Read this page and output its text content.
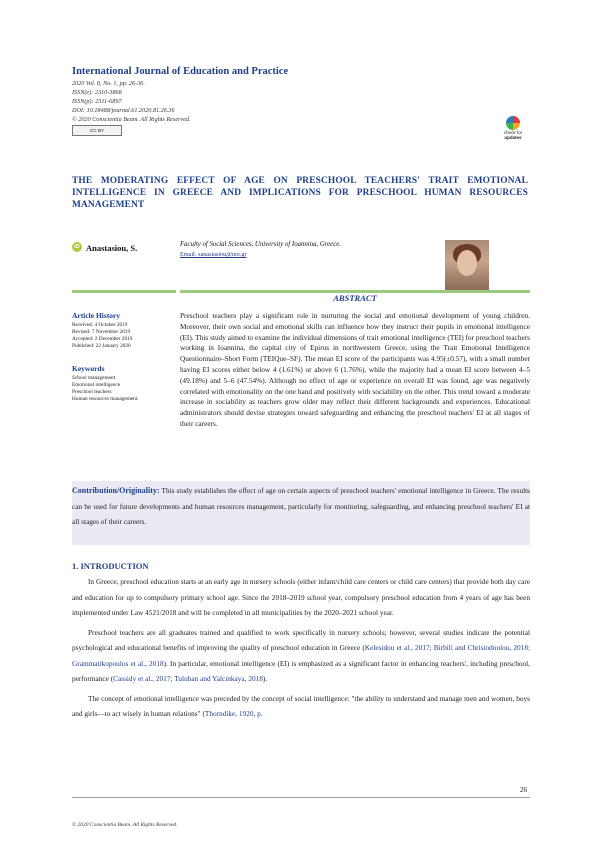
International Journal of Education and Practice
2020 Vol. 8, No. 1, pp. 26-36.
ISSN(e): 2310-3868
ISSN(p): 2311-6897
DOI: 10.18488/journal.61.2020.81.26.36
© 2020 Conscientia Beam. All Rights Reserved.
CC BY	check for
updates
THE MODERATING EFFECT OF AGE ON PRESCHOOL TEACHERS' TRAIT EMOTIONAL INTELLIGENCE IN GREECE AND IMPLICATIONS FOR PRESCHOOL HUMAN RESOURCES MANAGEMENT
iD Anastasiou, S.	Faculty of Social Sciences, University of Ioannina, Greece.
Email: sanastasiou@uoi.gr
ABSTRACT
Article History
Received: 4 October 2019
Revised: 7 November 2019
Accepted: 2 December 2019
Published: 22 January 2020
Keywords
School management
Emotional intelligence
Preschool teachers
Human resources management.
Preschool teachers play a significant role in nurturing the social and emotional development of young children. Moreover, their own social and emotional skills can influence how they instruct their pupils in emotional intelligence (EI). This study aimed to examine the individual dimensions of trait emotional intelligence (TEI) for preschool teachers working in Ioannina, the capital city of Epirus in northwestern Greece, using the Trait Emotional Intelligence Questionnaire–Short Form (TEIQue–SF). The mean EI score of the participants was 4.95(±0.57), with a small number having EI scores either below 4 (1.61%) or above 6 (1.76%), while the majority had a mean EI score between 4–5 (49.18%) and 5–6 (47.54%). Although no effect of age or experience on overall EI was found, age was negatively correlated with emotionality on the one hand and positively with sociability on the other. This trend toward a moderate increase in sociability as teachers grow older may reflect their different backgrounds and experiences. Educational administrators should devise strategies toward safeguarding and enhancing the preschool teachers' EI at all stages of their careers.
Contribution/Originality: This study establishes the effect of age on certain aspects of preschool teachers' emotional intelligence in Greece. The results can be used for future developments and human resources management, particularly for monitoring, safeguarding, and enhancing preschool teachers' EI at all stages of their careers.
1. INTRODUCTION

In Greece, preschool education starts at an early age in nursery schools (either infant/child care centers or child care centers) that provide both day care and education for up to compulsory primary school age. Since the 2018–2019 school year, compulsory preschool education from 4 years of age has been implemented under Law 4521/2018 and will be completed in all municipalities by the 2020–2021 school year.

Preschool teachers are all graduates trained and qualified to work specifically in nursery schools; however, several studies indicate the potential psychological and educational benefits of improving the quality of preschool education in Greece (Kelesidou et al., 2017; Birbili and Christodoulou, 2018; Grammatikopoulos et al., 2018). In particular, emotional intelligence (EI) is emphasized as a significant factor in enhancing teachers', including preschool, performance (Cassidy et al., 2017; Tuluhan and Yalcinkaya, 2018).

The concept of emotional intelligence was preceded by the concept of social intelligence: "the ability to understand and manage men and women, boys and girls—to act wisely in human relations" (Thorndike, 1920, p.

26
© 2020 Conscientia Beam. All Rights Reserved.
